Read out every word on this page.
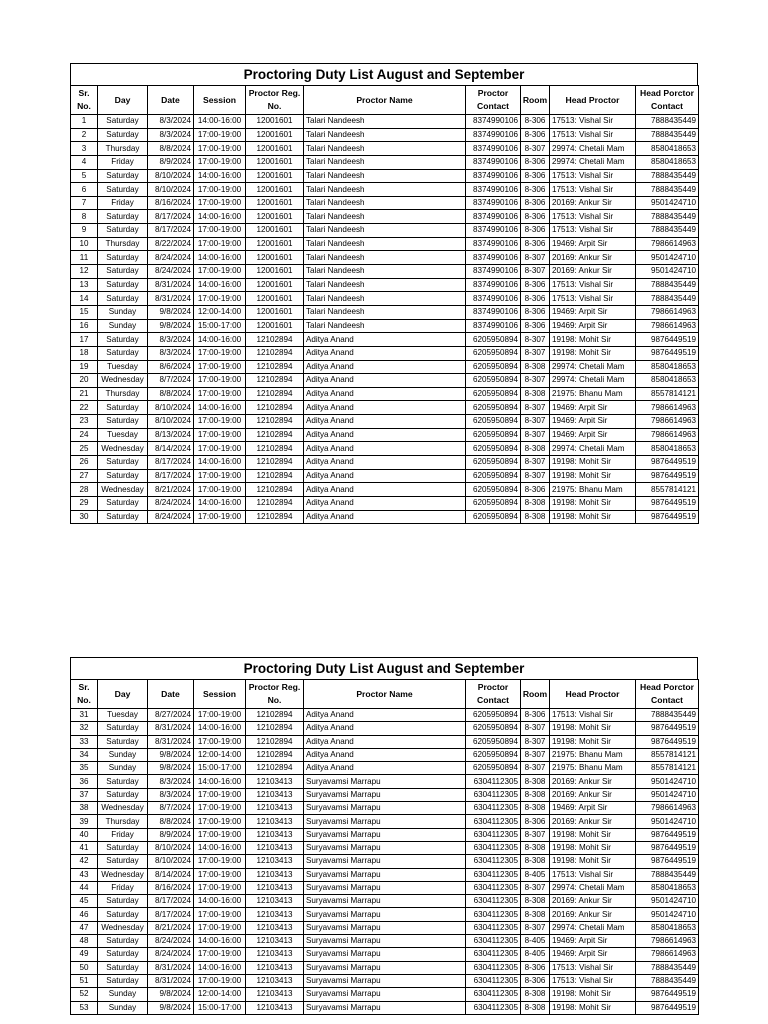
Proctoring Duty List August and September
Sr. No.	Day	Date	Session	Proctor Reg. No.	Proctor Name	Proctor Contact	Room	Head Proctor	Head Porctor Contact
1	Saturday	8/3/2024	14:00-16:00	12001601	Talari Nandeesh	8374990106	8-306	17513: Vishal Sir	7888435449
2	Saturday	8/3/2024	17:00-19:00	12001601	Talari Nandeesh	8374990106	8-306	17513: Vishal Sir	7888435449
3	Thursday	8/8/2024	17:00-19:00	12001601	Talari Nandeesh	8374990106	8-307	29974: Chetali Mam	8580418653
4	Friday	8/9/2024	17:00-19:00	12001601	Talari Nandeesh	8374990106	8-306	29974: Chetali Mam	8580418653
5	Saturday	8/10/2024	14:00-16:00	12001601	Talari Nandeesh	8374990106	8-306	17513: Vishal Sir	7888435449
6	Saturday	8/10/2024	17:00-19:00	12001601	Talari Nandeesh	8374990106	8-306	17513: Vishal Sir	7888435449
7	Friday	8/16/2024	17:00-19:00	12001601	Talari Nandeesh	8374990106	8-306	20169: Ankur Sir	9501424710
8	Saturday	8/17/2024	14:00-16:00	12001601	Talari Nandeesh	8374990106	8-306	17513: Vishal Sir	7888435449
9	Saturday	8/17/2024	17:00-19:00	12001601	Talari Nandeesh	8374990106	8-306	17513: Vishal Sir	7888435449
10	Thursday	8/22/2024	17:00-19:00	12001601	Talari Nandeesh	8374990106	8-306	19469: Arpit Sir	7986614963
11	Saturday	8/24/2024	14:00-16:00	12001601	Talari Nandeesh	8374990106	8-307	20169: Ankur Sir	9501424710
12	Saturday	8/24/2024	17:00-19:00	12001601	Talari Nandeesh	8374990106	8-307	20169: Ankur Sir	9501424710
13	Saturday	8/31/2024	14:00-16:00	12001601	Talari Nandeesh	8374990106	8-306	17513: Vishal Sir	7888435449
14	Saturday	8/31/2024	17:00-19:00	12001601	Talari Nandeesh	8374990106	8-306	17513: Vishal Sir	7888435449
15	Sunday	9/8/2024	12:00-14:00	12001601	Talari Nandeesh	8374990106	8-306	19469: Arpit Sir	7986614963
16	Sunday	9/8/2024	15:00-17:00	12001601	Talari Nandeesh	8374990106	8-306	19469: Arpit Sir	7986614963
17	Saturday	8/3/2024	14:00-16:00	12102894	Aditya Anand	6205950894	8-307	19198: Mohit Sir	9876449519
18	Saturday	8/3/2024	17:00-19:00	12102894	Aditya Anand	6205950894	8-307	19198: Mohit Sir	9876449519
19	Tuesday	8/6/2024	17:00-19:00	12102894	Aditya Anand	6205950894	8-308	29974: Chetali Mam	8580418653
20	Wednesday	8/7/2024	17:00-19:00	12102894	Aditya Anand	6205950894	8-307	29974: Chetali Mam	8580418653
21	Thursday	8/8/2024	17:00-19:00	12102894	Aditya Anand	6205950894	8-308	21975: Bhanu Mam	8557814121
22	Saturday	8/10/2024	14:00-16:00	12102894	Aditya Anand	6205950894	8-307	19469: Arpit Sir	7986614963
23	Saturday	8/10/2024	17:00-19:00	12102894	Aditya Anand	6205950894	8-307	19469: Arpit Sir	7986614963
24	Tuesday	8/13/2024	17:00-19:00	12102894	Aditya Anand	6205950894	8-307	19469: Arpit Sir	7986614963
25	Wednesday	8/14/2024	17:00-19:00	12102894	Aditya Anand	6205950894	8-308	29974: Chetali Mam	8580418653
26	Saturday	8/17/2024	14:00-16:00	12102894	Aditya Anand	6205950894	8-307	19198: Mohit Sir	9876449519
27	Saturday	8/17/2024	17:00-19:00	12102894	Aditya Anand	6205950894	8-307	19198: Mohit Sir	9876449519
28	Wednesday	8/21/2024	17:00-19:00	12102894	Aditya Anand	6205950894	8-306	21975: Bhanu Mam	8557814121
29	Saturday	8/24/2024	14:00-16:00	12102894	Aditya Anand	6205950894	8-308	19198: Mohit Sir	9876449519
30	Saturday	8/24/2024	17:00-19:00	12102894	Aditya Anand	6205950894	8-308	19198: Mohit Sir	9876449519
Proctoring Duty List August and September
Sr. No.	Day	Date	Session	Proctor Reg. No.	Proctor Name	Proctor Contact	Room	Head Proctor	Head Porctor Contact
31	Tuesday	8/27/2024	17:00-19:00	12102894	Aditya Anand	6205950894	8-306	17513: Vishal Sir	7888435449
32	Saturday	8/31/2024	14:00-16:00	12102894	Aditya Anand	6205950894	8-307	19198: Mohit Sir	9876449519
33	Saturday	8/31/2024	17:00-19:00	12102894	Aditya Anand	6205950894	8-307	19198: Mohit Sir	9876449519
34	Sunday	9/8/2024	12:00-14:00	12102894	Aditya Anand	6205950894	8-307	21975: Bhanu Mam	8557814121
35	Sunday	9/8/2024	15:00-17:00	12102894	Aditya Anand	6205950894	8-307	21975: Bhanu Mam	8557814121
36	Saturday	8/3/2024	14:00-16:00	12103413	Suryavamsi Marrapu	6304112305	8-308	20169: Ankur Sir	9501424710
37	Saturday	8/3/2024	17:00-19:00	12103413	Suryavamsi Marrapu	6304112305	8-308	20169: Ankur Sir	9501424710
38	Wednesday	8/7/2024	17:00-19:00	12103413	Suryavamsi Marrapu	6304112305	8-308	19469: Arpit Sir	7986614963
39	Thursday	8/8/2024	17:00-19:00	12103413	Suryavamsi Marrapu	6304112305	8-306	20169: Ankur Sir	9501424710
40	Friday	8/9/2024	17:00-19:00	12103413	Suryavamsi Marrapu	6304112305	8-307	19198: Mohit Sir	9876449519
41	Saturday	8/10/2024	14:00-16:00	12103413	Suryavamsi Marrapu	6304112305	8-308	19198: Mohit Sir	9876449519
42	Saturday	8/10/2024	17:00-19:00	12103413	Suryavamsi Marrapu	6304112305	8-308	19198: Mohit Sir	9876449519
43	Wednesday	8/14/2024	17:00-19:00	12103413	Suryavamsi Marrapu	6304112305	8-405	17513: Vishal Sir	7888435449
44	Friday	8/16/2024	17:00-19:00	12103413	Suryavamsi Marrapu	6304112305	8-307	29974: Chetali Mam	8580418653
45	Saturday	8/17/2024	14:00-16:00	12103413	Suryavamsi Marrapu	6304112305	8-308	20169: Ankur Sir	9501424710
46	Saturday	8/17/2024	17:00-19:00	12103413	Suryavamsi Marrapu	6304112305	8-308	20169: Ankur Sir	9501424710
47	Wednesday	8/21/2024	17:00-19:00	12103413	Suryavamsi Marrapu	6304112305	8-307	29974: Chetali Mam	8580418653
48	Saturday	8/24/2024	14:00-16:00	12103413	Suryavamsi Marrapu	6304112305	8-405	19469: Arpit Sir	7986614963
49	Saturday	8/24/2024	17:00-19:00	12103413	Suryavamsi Marrapu	6304112305	8-405	19469: Arpit Sir	7986614963
50	Saturday	8/31/2024	14:00-16:00	12103413	Suryavamsi Marrapu	6304112305	8-306	17513: Vishal Sir	7888435449
51	Saturday	8/31/2024	17:00-19:00	12103413	Suryavamsi Marrapu	6304112305	8-306	17513: Vishal Sir	7888435449
52	Sunday	9/8/2024	12:00-14:00	12103413	Suryavamsi Marrapu	6304112305	8-308	19198: Mohit Sir	9876449519
53	Sunday	9/8/2024	15:00-17:00	12103413	Suryavamsi Marrapu	6304112305	8-308	19198: Mohit Sir	9876449519
